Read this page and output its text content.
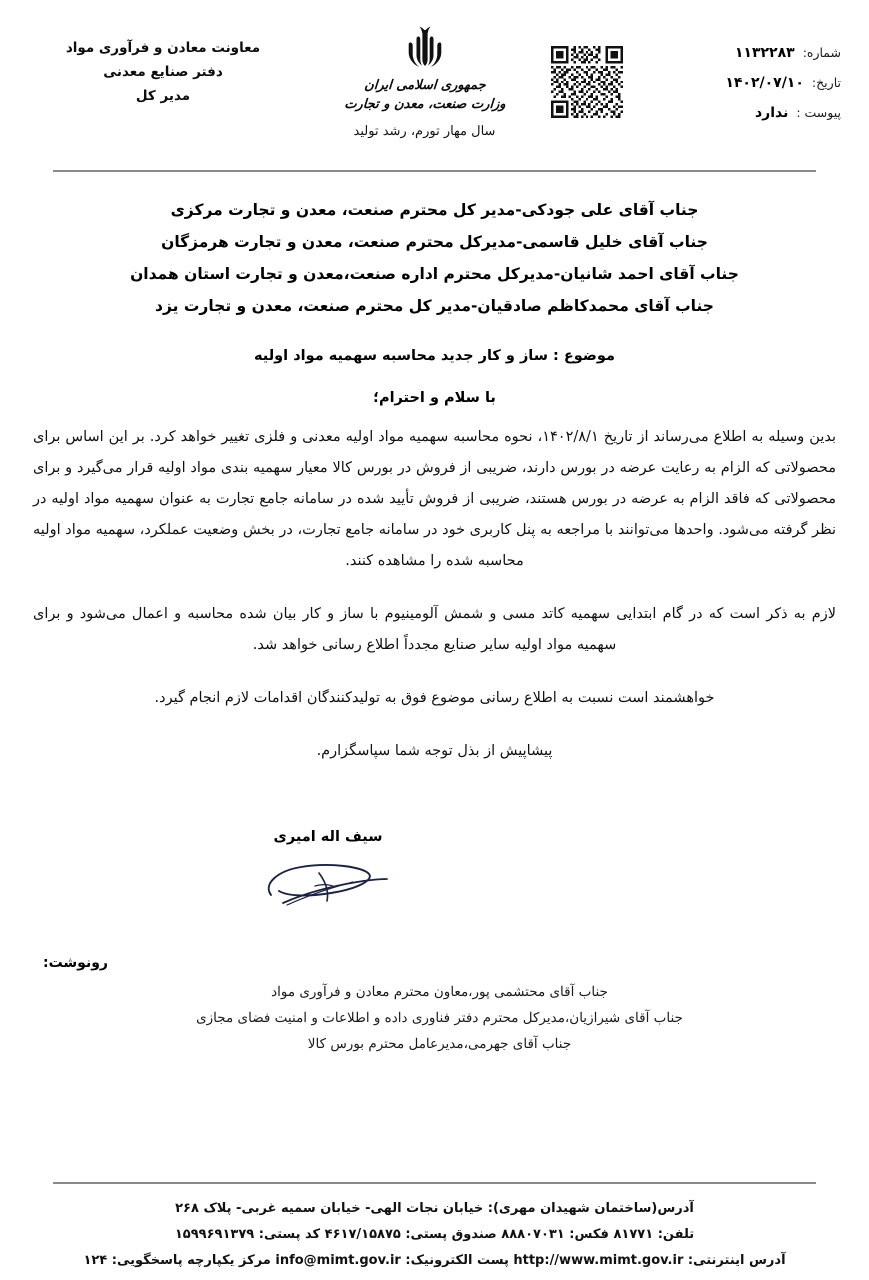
معاونت معادن و فرآوری مواد
دفتر صنایع معدنی
مدیر کل
جمهوری اسلامی ایران
وزارت صنعت، معدن و تجارت
سال مهار تورم، رشد تولید
شماره:۱۱۳۲۲۸۳
تاریخ:۱۴۰۲/۰۷/۱۰
پیوست :ندارد
جناب آقای علی جودکی-مدیر کل محترم صنعت، معدن و تجارت مرکزی
جناب آقای خلیل قاسمی-مدیرکل محترم صنعت، معدن و تجارت هرمزگان
جناب آقای احمد شانیان-مدیرکل محترم اداره صنعت،معدن و تجارت استان همدان
جناب آقای محمدکاظم صادقیان-مدیر کل محترم صنعت، معدن و تجارت یزد
موضوع : ساز و کار جدید محاسبه سهمیه مواد اولیه
با سلام و احترام؛

بدین وسیله به اطلاع می‌رساند از تاریخ ۱۴۰۲/۸/۱، نحوه محاسبه سهمیه مواد اولیه معدنی و فلزی تغییر خواهد کرد. بر این اساس برای محصولاتی که الزام به رعایت عرضه در بورس دارند، ضریبی از فروش در بورس کالا معیار سهمیه بندی مواد اولیه قرار می‌گیرد و برای محصولاتی که فاقد الزام به عرضه در بورس هستند، ضریبی از فروش تأیید شده در سامانه جامع تجارت به عنوان سهمیه مواد اولیه در نظر گرفته می‌شود. واحدها می‌توانند با مراجعه به پنل کاربری خود در سامانه جامع تجارت، در بخش وضعیت عملکرد، سهمیه مواد اولیه محاسبه شده را مشاهده کنند.

لازم به ذکر است که در گام ابتدایی سهمیه کاتد مسی و شمش آلومینیوم با ساز و کار بیان شده محاسبه و اعمال می‌شود و برای سهمیه مواد اولیه سایر صنایع مجدداً اطلاع رسانی خواهد شد.

خواهشمند است نسبت به اطلاع رسانی موضوع فوق به تولیدکنندگان اقدامات لازم انجام گیرد.

پیشاپیش از بذل توجه شما سپاسگزارم.

سیف اله امیری
رونوشت:
جناب آقای محتشمی پور،معاون محترم معادن و فرآوری مواد
جناب آقای شیرازیان،مدیرکل محترم دفتر فناوری داده و اطلاعات و امنیت فضای مجازی
جناب آقای جهرمی،مدیرعامل محترم بورس کالا
آدرس(ساختمان شهیدان مهری): خیابان نجات الهی- خیابان سمیه غربی- پلاک ۲۶۸
تلفن: ۸۱۷۷۱ فکس: ۸۸۸۰۷۰۳۱ صندوق پستی: ۴۶۱۷/۱۵۸۷۵ کد پستی: ۱۵۹۹۶۹۱۳۷۹
آدرس اینترنتی: http://www.mimt.gov.ir پست الکترونیک: info@mimt.gov.ir مرکز یکپارچه پاسخگویی: ۱۲۴
